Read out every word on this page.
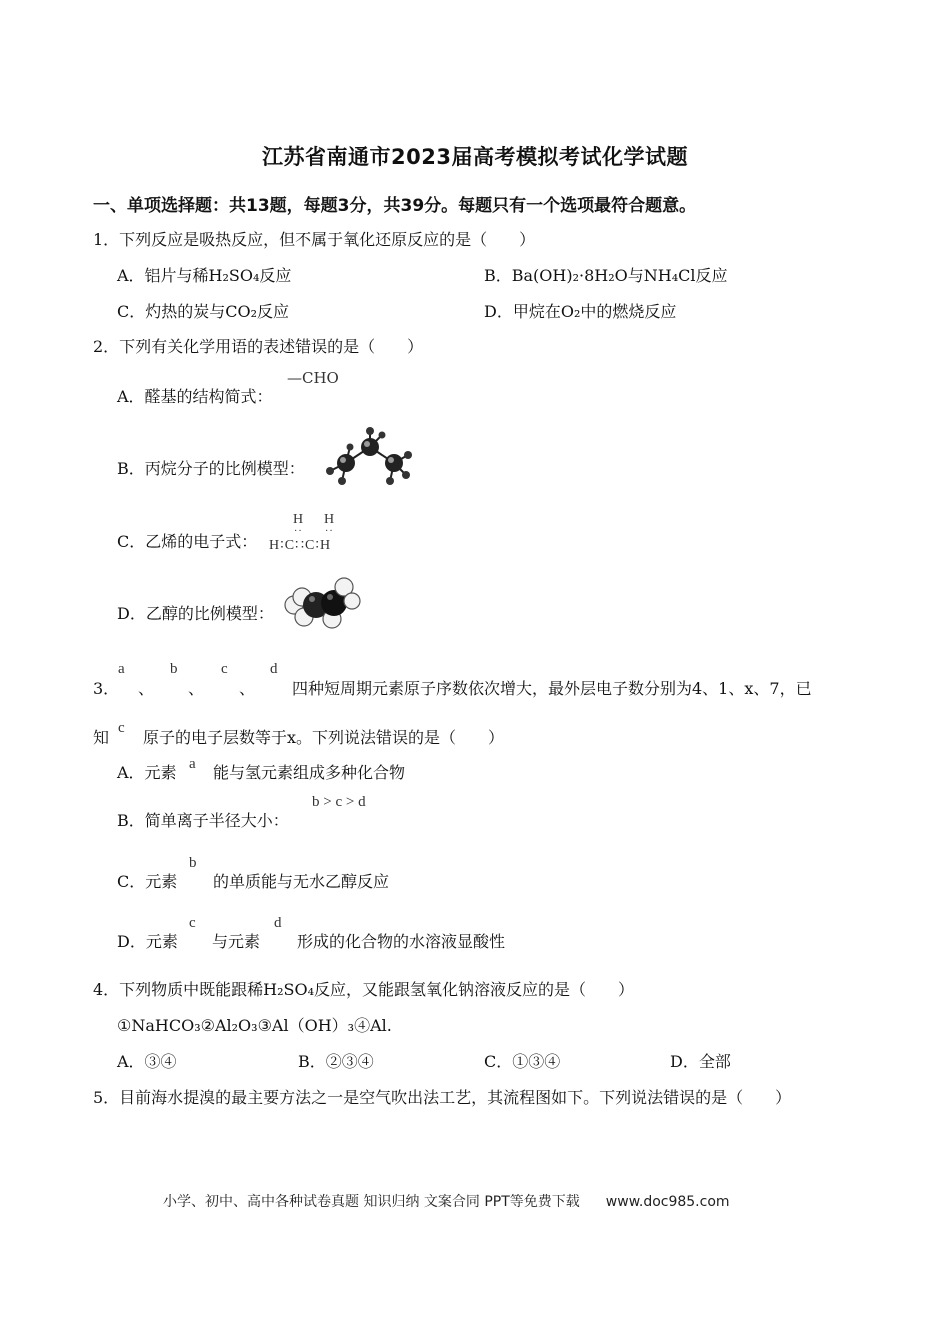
江苏省南通市2023届高考模拟考试化学试题
一、单项选择题：共13题，每题3分，共39分。每题只有一个选项最符合题意。
1．下列反应是吸热反应，但不属于氧化还原反应的是（　　）
A．铝片与稀H₂SO₄反应	B．Ba(OH)₂·8H₂O与NH₄Cl反应
C．灼热的炭与CO₂反应	D．甲烷在O₂中的燃烧反应
2．下列有关化学用语的表述错误的是（　　）
A．醛基的结构简式：
—CHO
B．丙烷分子的比例模型：
C．乙烯的电子式：
H H
·· ··
H∶C∷C∶H
D．乙醇的比例模型：
3．
a
、
b
、
c
、
d
四种短周期元素原子序数依次增大，最外层电子数分别为4、1、x、7，已
知 c 原子的电子层数等于x。下列说法错误的是（　　）
A．元素 a 能与氢元素组成多种化合物
B．简单离子半径大小：
b > c > d
C．元素
b
的单质能与无水乙醇反应
D．元素
c
与元素
d
形成的化合物的水溶液显酸性
4．下列物质中既能跟稀H₂SO₄反应，又能跟氢氧化钠溶液反应的是（　　）
①NaHCO₃②Al₂O₃③Al（OH）₃④Al.
A．③④	B．②③④	C．①③④	D．全部
5．目前海水提溴的最主要方法之一是空气吹出法工艺，其流程图如下。下列说法错误的是（　　）
小学、初中、高中各种试卷真题 知识归纳 文案合同 PPT等免费下载 www.doc985.com
